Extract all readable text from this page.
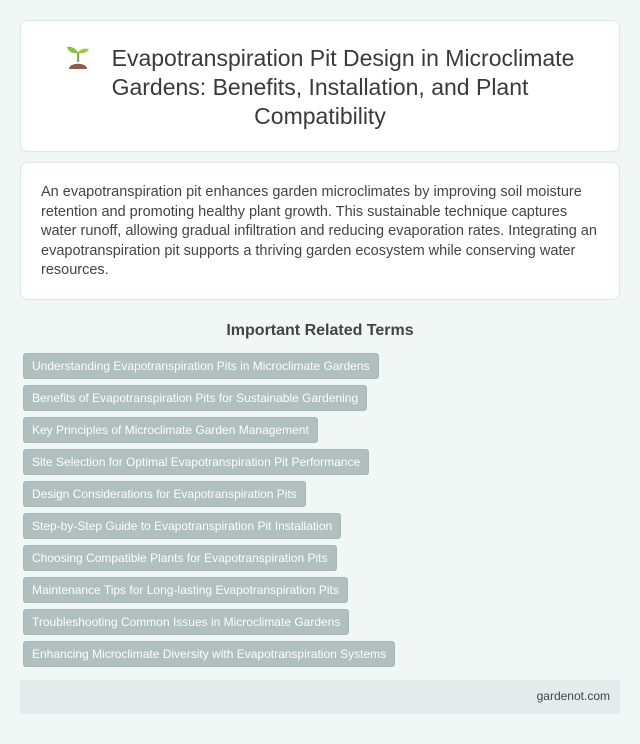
Evapotranspiration Pit Design in Microclimate Gardens: Benefits, Installation, and Plant Compatibility

An evapotranspiration pit enhances garden microclimates by improving soil moisture retention and promoting healthy plant growth. This sustainable technique captures water runoff, allowing gradual infiltration and reducing evaporation rates. Integrating an evapotranspiration pit supports a thriving garden ecosystem while conserving water resources.

Important Related Terms
Understanding Evapotranspiration Pits in Microclimate Gardens
Benefits of Evapotranspiration Pits for Sustainable Gardening
Key Principles of Microclimate Garden Management
Site Selection for Optimal Evapotranspiration Pit Performance
Design Considerations for Evapotranspiration Pits
Step-by-Step Guide to Evapotranspiration Pit Installation
Choosing Compatible Plants for Evapotranspiration Pits
Maintenance Tips for Long-lasting Evapotranspiration Pits
Troubleshooting Common Issues in Microclimate Gardens
Enhancing Microclimate Diversity with Evapotranspiration Systems
gardenot.com
